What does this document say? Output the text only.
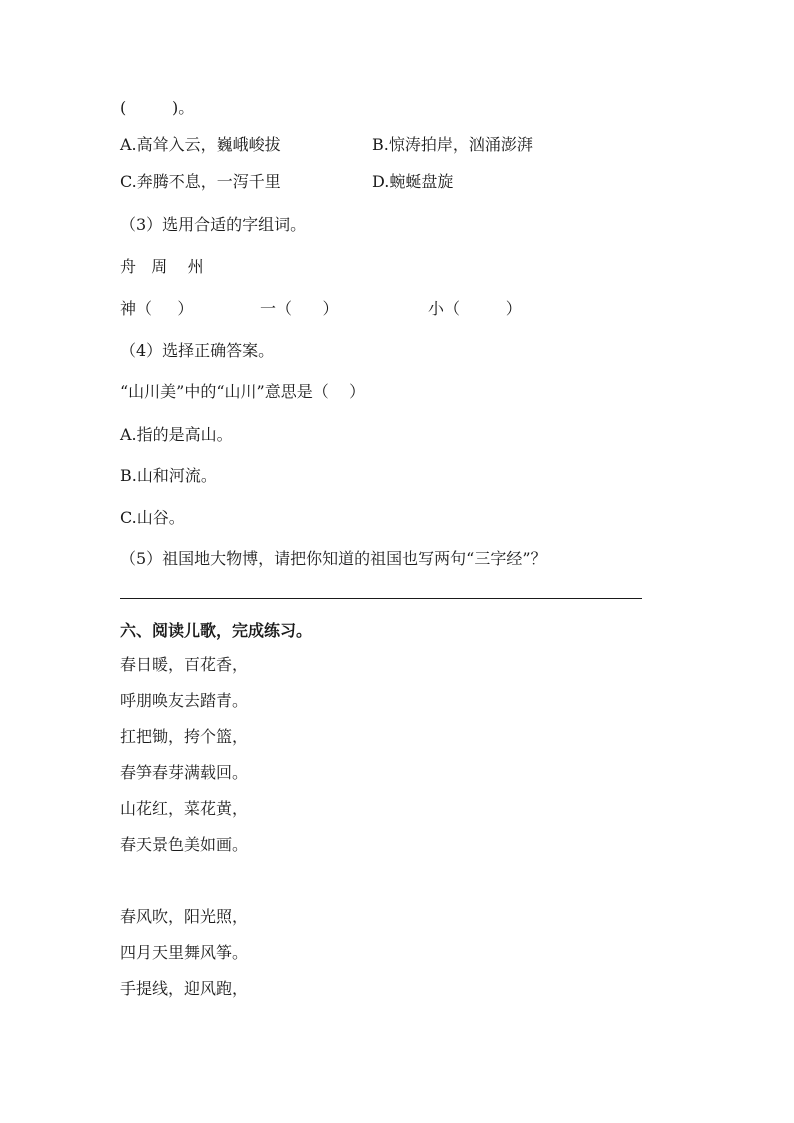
(         )。
A.高耸入云，巍峨峻拔	B.惊涛拍岸，汹涌澎湃
C.奔腾不息，一泻千里	D.蜿蜒盘旋
（3）选用合适的字组词。
舟   周    州
神（     ）	一（      ）	小（         ）
（4）选择正确答案。
“山川美”中的“山川”意思是（    ）
A.指的是高山。
B.山和河流。
C.山谷。
（5）祖国地大物博，请把你知道的祖国也写两句“三字经”？
六、阅读儿歌，完成练习。
春日暖，百花香，
呼朋唤友去踏青。
扛把锄，挎个篮，
春笋春芽满载回。
山花红，菜花黄，
春天景色美如画。
春风吹，阳光照，
四月天里舞风筝。
手提线，迎风跑，
